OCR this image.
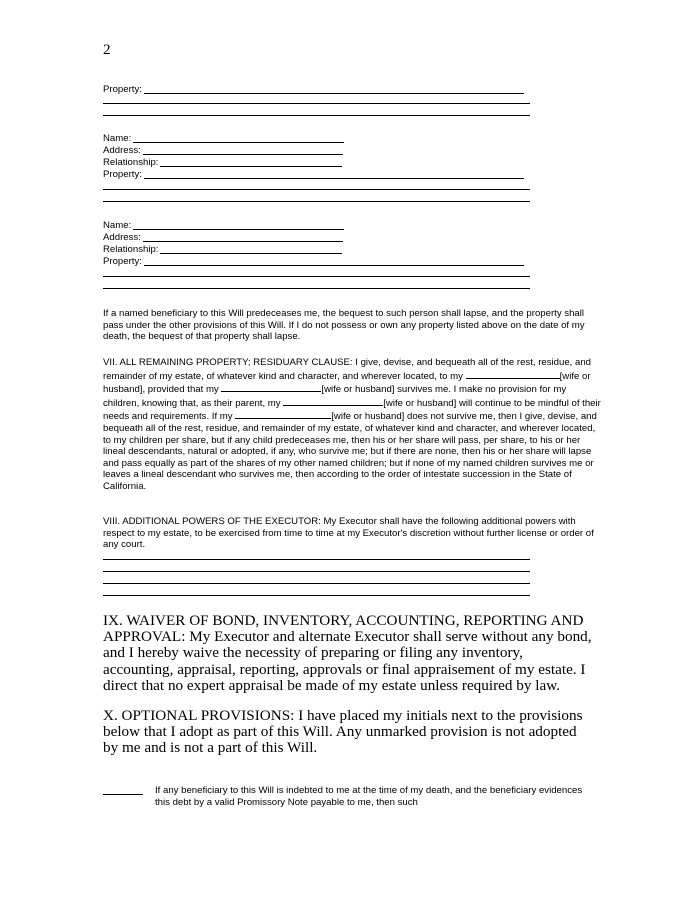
2
Property:
Name:
Address:
Relationship:
Property:
Name:
Address:
Relationship:
Property:
If a named beneficiary to this Will predeceases me, the bequest to such person shall lapse, and the property shall pass under the other provisions of this Will. If I do not possess or own any property listed above on the date of my death, the bequest of that property shall lapse.
VII. ALL REMAINING PROPERTY; RESIDUARY CLAUSE: I give, devise, and bequeath all of the rest, residue, and remainder of my estate, of whatever kind and character, and wherever located, to my	[wife or husband], provided that my	[wife or husband] survives me. I make no provision for my children, knowing that, as their parent, my	[wife or husband] will continue to be mindful of their needs and requirements. If my	[wife or husband] does not survive me, then I give, devise, and bequeath all of the rest, residue, and remainder of my estate, of whatever kind and character, and wherever located, to my children per share, but if any child predeceases me, then his or her share will pass, per share, to his or her lineal descendants, natural or adopted, if any, who survive me; but if there are none, then his or her share will lapse and pass equally as part of the shares of my other named children; but if none of my named children survives me or leaves a lineal descendant who survives me, then according to the order of intestate succession in the State of California.
VIII. ADDITIONAL POWERS OF THE EXECUTOR: My Executor shall have the following additional powers with respect to my estate, to be exercised from time to time at my Executor's discretion without further license or order of any court.
IX. WAIVER OF BOND, INVENTORY, ACCOUNTING, REPORTING AND APPROVAL: My Executor and alternate Executor shall serve without any bond, and I hereby waive the necessity of preparing or filing any inventory, accounting, appraisal, reporting, approvals or final appraisement of my estate. I direct that no expert appraisal be made of my estate unless required by law.
X. OPTIONAL PROVISIONS: I have placed my initials next to the provisions below that I adopt as part of this Will. Any unmarked provision is not adopted by me and is not a part of this Will.
If any beneficiary to this Will is indebted to me at the time of my death, and the beneficiary evidences this debt by a valid Promissory Note payable to me, then such
